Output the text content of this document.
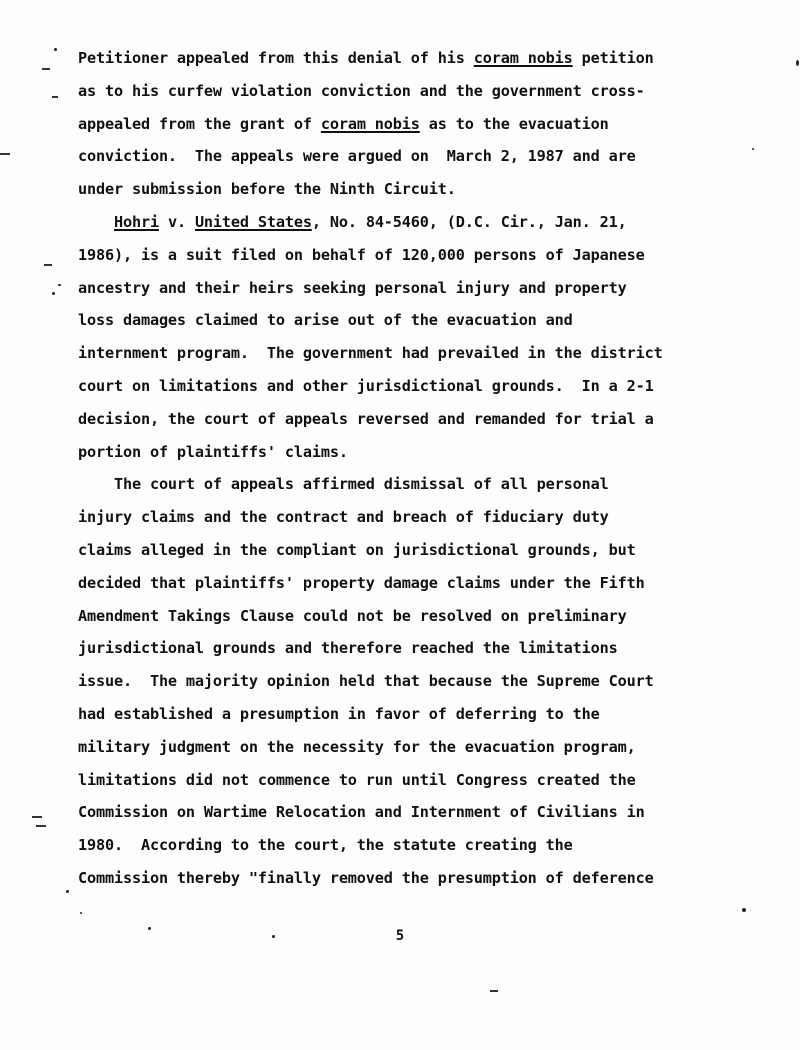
Petitioner appealed from this denial of his coram nobis petition
as to his curfew violation conviction and the government cross-
appealed from the grant of coram nobis as to the evacuation
conviction.  The appeals were argued on  March 2, 1987 and are
under submission before the Ninth Circuit.
Hohri v. United States, No. 84-5460, (D.C. Cir., Jan. 21,
1986), is a suit filed on behalf of 120,000 persons of Japanese
ancestry and their heirs seeking personal injury and property
loss damages claimed to arise out of the evacuation and
internment program.  The government had prevailed in the district
court on limitations and other jurisdictional grounds.  In a 2-1
decision, the court of appeals reversed and remanded for trial a
portion of plaintiffs' claims.
The court of appeals affirmed dismissal of all personal
injury claims and the contract and breach of fiduciary duty
claims alleged in the compliant on jurisdictional grounds, but
decided that plaintiffs' property damage claims under the Fifth
Amendment Takings Clause could not be resolved on preliminary
jurisdictional grounds and therefore reached the limitations
issue.  The majority opinion held that because the Supreme Court
had established a presumption in favor of deferring to the
military judgment on the necessity for the evacuation program,
limitations did not commence to run until Congress created the
Commission on Wartime Relocation and Internment of Civilians in
1980.  According to the court, the statute creating the
Commission thereby "finally removed the presumption of deference
5
